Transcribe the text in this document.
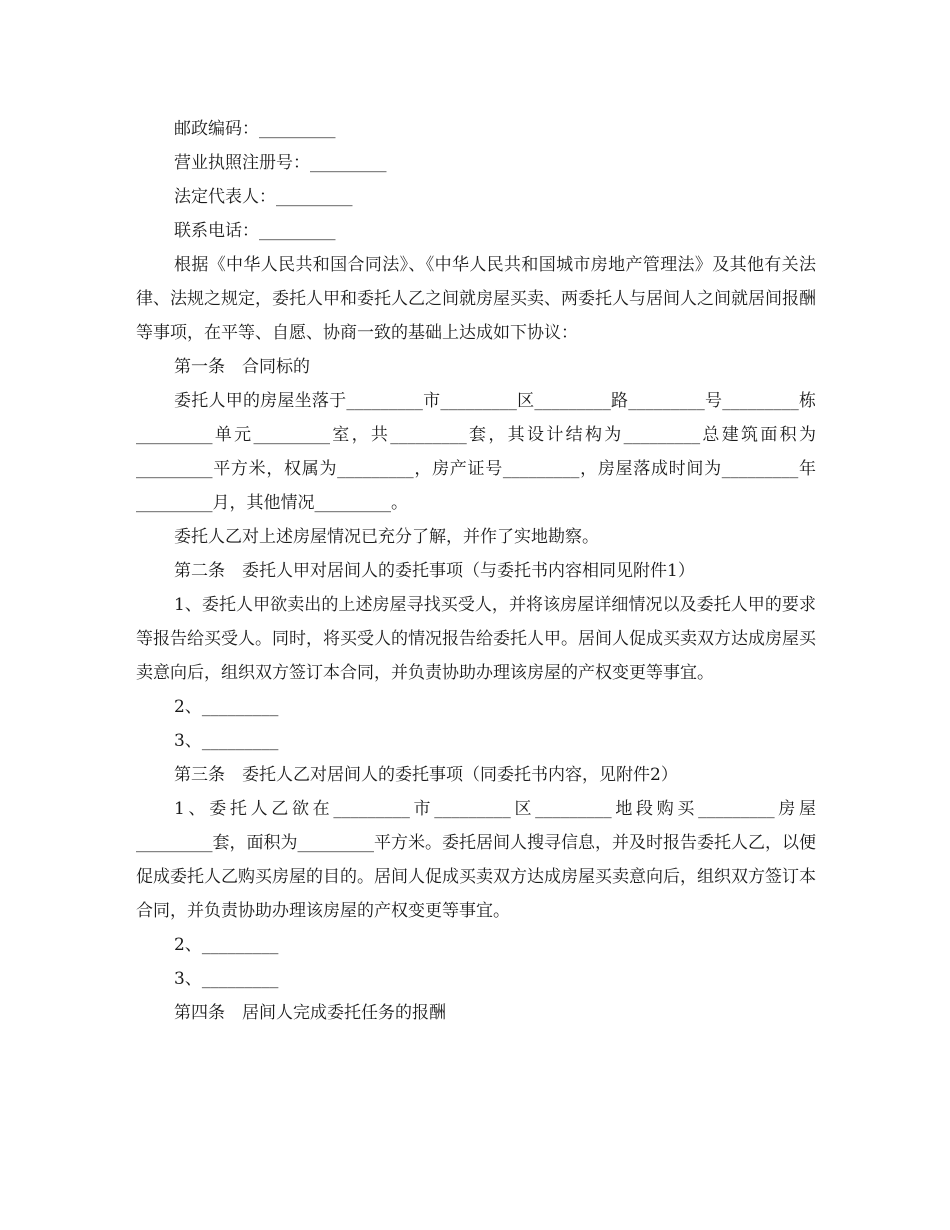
邮政编码：_________

营业执照注册号：_________

法定代表人：_________

联系电话：_________

根据《中华人民共和国合同法》、《中华人民共和国城市房地产管理法》及其他有关法律、法规之规定，委托人甲和委托人乙之间就房屋买卖、两委托人与居间人之间就居间报酬等事项，在平等、自愿、协商一致的基础上达成如下协议：

第一条　合同标的

委托人甲的房屋坐落于_________市_________区_________路_________号_________栋_________单元_________室，共_________套，其设计结构为_________总建筑面积为_________平方米，权属为_________，房产证号_________，房屋落成时间为_________年_________月，其他情况_________。

委托人乙对上述房屋情况已充分了解，并作了实地勘察。

第二条　委托人甲对居间人的委托事项（与委托书内容相同见附件1）

1、委托人甲欲卖出的上述房屋寻找买受人，并将该房屋详细情况以及委托人甲的要求等报告给买受人。同时，将买受人的情况报告给委托人甲。居间人促成买卖双方达成房屋买卖意向后，组织双方签订本合同，并负责协助办理该房屋的产权变更等事宜。

2、_________

3、_________

第三条　委托人乙对居间人的委托事项（同委托书内容，见附件2）

1、委托人乙欲在_________市_________区_________地段购买_________房屋_________套，面积为_________平方米。委托居间人搜寻信息，并及时报告委托人乙，以便促成委托人乙购买房屋的目的。居间人促成买卖双方达成房屋买卖意向后，组织双方签订本合同，并负责协助办理该房屋的产权变更等事宜。

2、_________

3、_________

第四条　居间人完成委托任务的报酬
